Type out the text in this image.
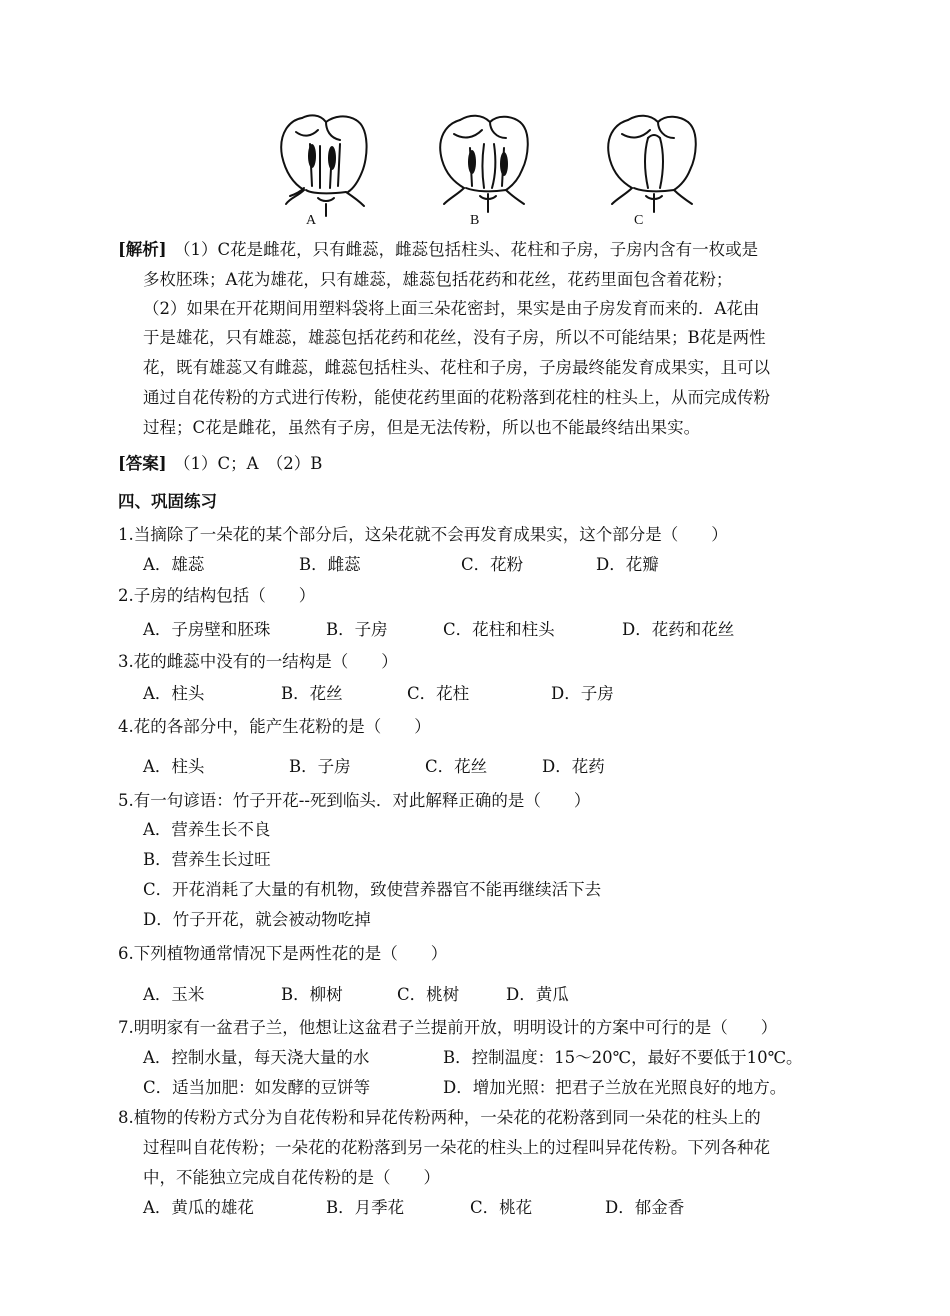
A	B	C
[解析] （1）C花是雌花，只有雌蕊，雌蕊包括柱头、花柱和子房，子房内含有一枚或是
多枚胚珠；A花为雄花，只有雄蕊，雄蕊包括花药和花丝，花药里面包含着花粉；
（2）如果在开花期间用塑料袋将上面三朵花密封，果实是由子房发育而来的．A花由
于是雄花，只有雄蕊，雄蕊包括花药和花丝，没有子房，所以不可能结果；B花是两性
花，既有雄蕊又有雌蕊，雌蕊包括柱头、花柱和子房，子房最终能发育成果实，且可以
通过自花传粉的方式进行传粉，能使花药里面的花粉落到花柱的柱头上，从而完成传粉
过程；C花是雌花，虽然有子房，但是无法传粉，所以也不能最终结出果实。
[答案] （1）C；A　（2）B
四、巩固练习
1.当摘除了一朵花的某个部分后，这朵花就不会再发育成果实，这个部分是（　　）
A．雄蕊	B．雌蕊	C．花粉	D．花瓣
2.子房的结构包括（　　）
A．子房壁和胚珠	B．子房	C．花柱和柱头	D．花药和花丝
3.花的雌蕊中没有的一结构是（　　）
A．柱头	B．花丝	C．花柱	D．子房
4.花的各部分中，能产生花粉的是（　　）
A．柱头	B．子房	C．花丝	D．花药
5.有一句谚语：竹子开花--死到临头．对此解释正确的是（　　）
A．营养生长不良
B．营养生长过旺
C．开花消耗了大量的有机物，致使营养器官不能再继续活下去
D．竹子开花，就会被动物吃掉
6.下列植物通常情况下是两性花的是（　　）
A．玉米	B．柳树	C．桃树	D．黄瓜
7.明明家有一盆君子兰，他想让这盆君子兰提前开放，明明设计的方案中可行的是（　　）
A．控制水量，每天浇大量的水	B．控制温度：15～20℃，最好不要低于10℃。
C．适当加肥：如发酵的豆饼等	D．增加光照：把君子兰放在光照良好的地方。
8.植物的传粉方式分为自花传粉和异花传粉两种，一朵花的花粉落到同一朵花的柱头上的
过程叫自花传粉；一朵花的花粉落到另一朵花的柱头上的过程叫异花传粉。下列各种花
中，不能独立完成自花传粉的是（　　）
A．黄瓜的雄花	B．月季花	C．桃花	D．郁金香
